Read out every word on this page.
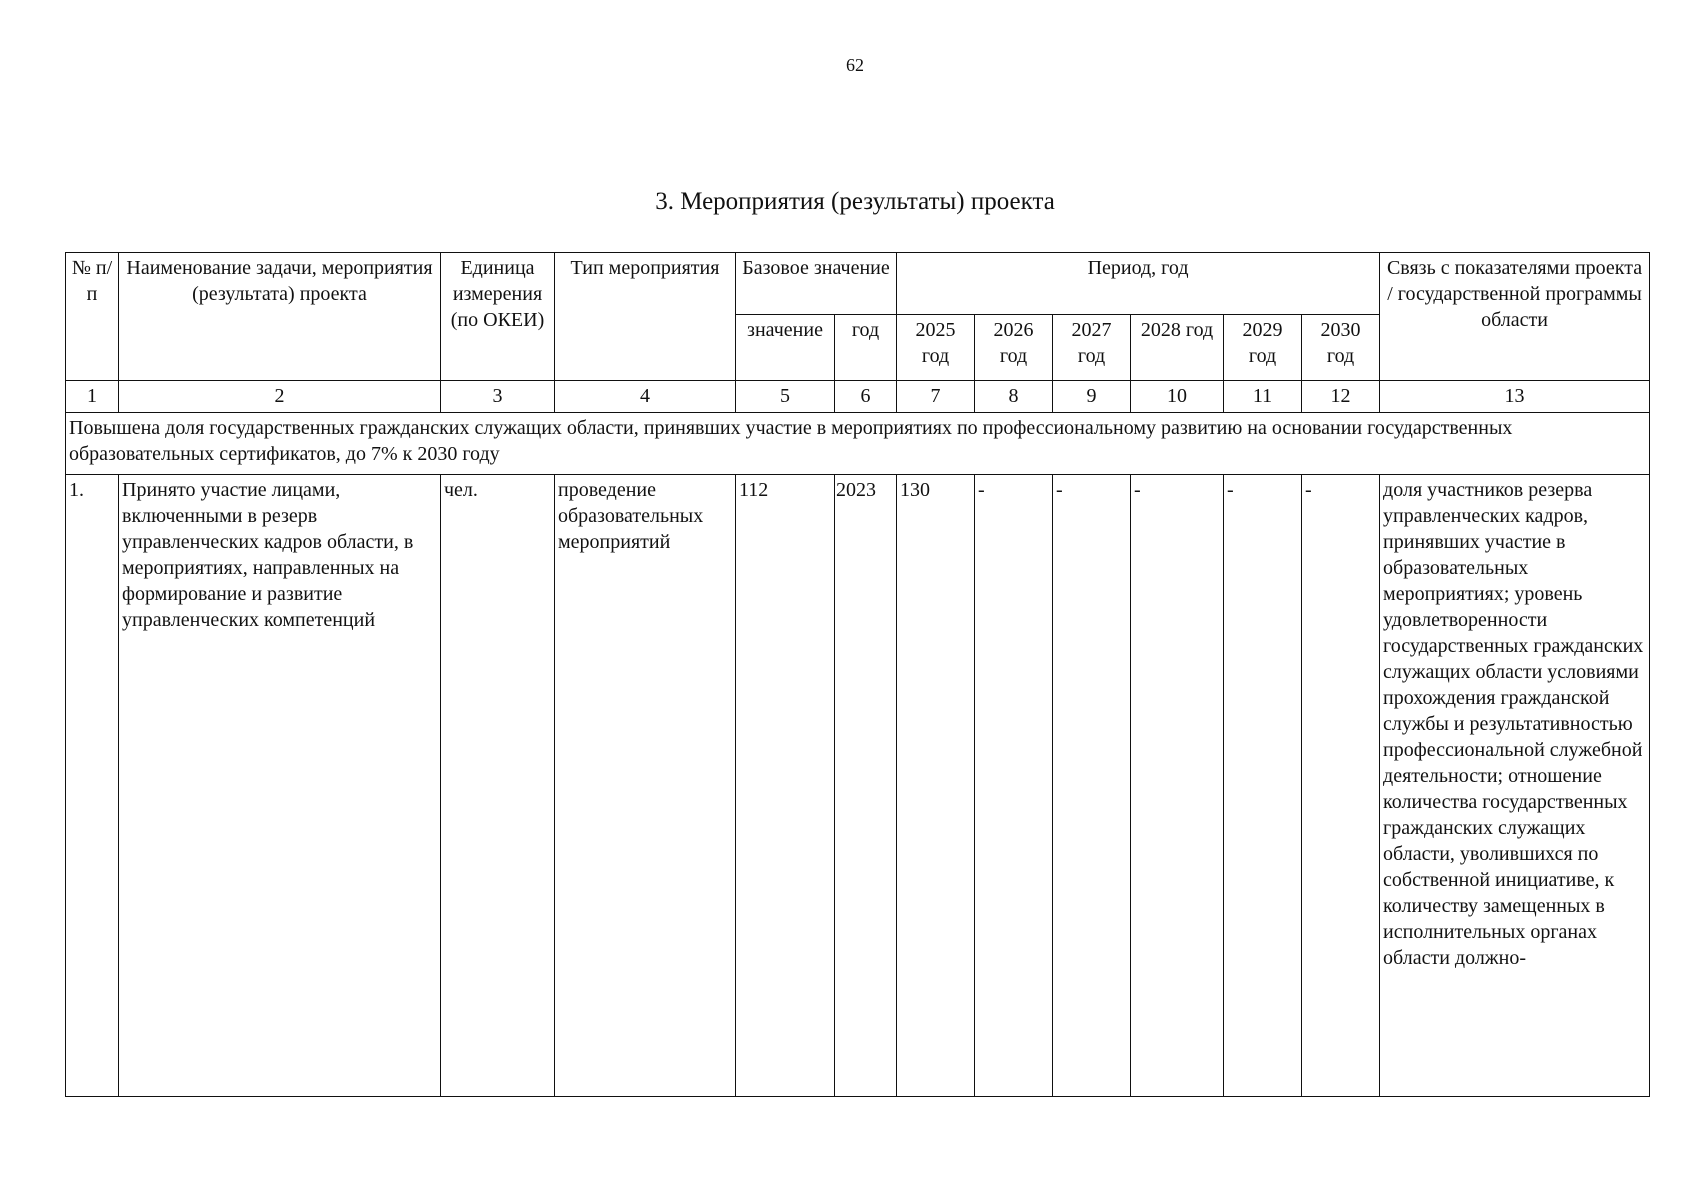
62
3. Мероприятия (результаты) проекта
№ п/п	Наименование задачи, мероприятия (результата) проекта	Единица измерения (по ОКЕИ)	Тип мероприятия	Базовое значение		Период, год						Связь с показателями проекта / государственной программы области
				значение	год	2025 год	2026 год	2027 год	2028 год	2029 год	2030 год	
1	2	3	4	5	6	7	8	9	10	11	12	13
Повышена доля государственных гражданских служащих области, принявших участие в мероприятиях по профессиональному развитию на основании государственных образовательных сертификатов, до 7% к 2030 году												
1.	Принято участие лицами, включенными в резерв управленческих кадров области, в мероприятиях, направленных на формирование и развитие управленческих компетенций	чел.	проведение образовательных мероприятий	112	2023	130	-	-	-	-	-	доля участников резерва управленческих кадров, принявших участие в образовательных мероприятиях; уровень удовлетворенности государственных гражданских служащих области условиями прохождения гражданской службы и результативностью профессиональной служебной деятельности; отношение количества государственных гражданских служащих области, уволившихся по собственной инициативе, к количеству замещенных в исполнительных органах области должно-
